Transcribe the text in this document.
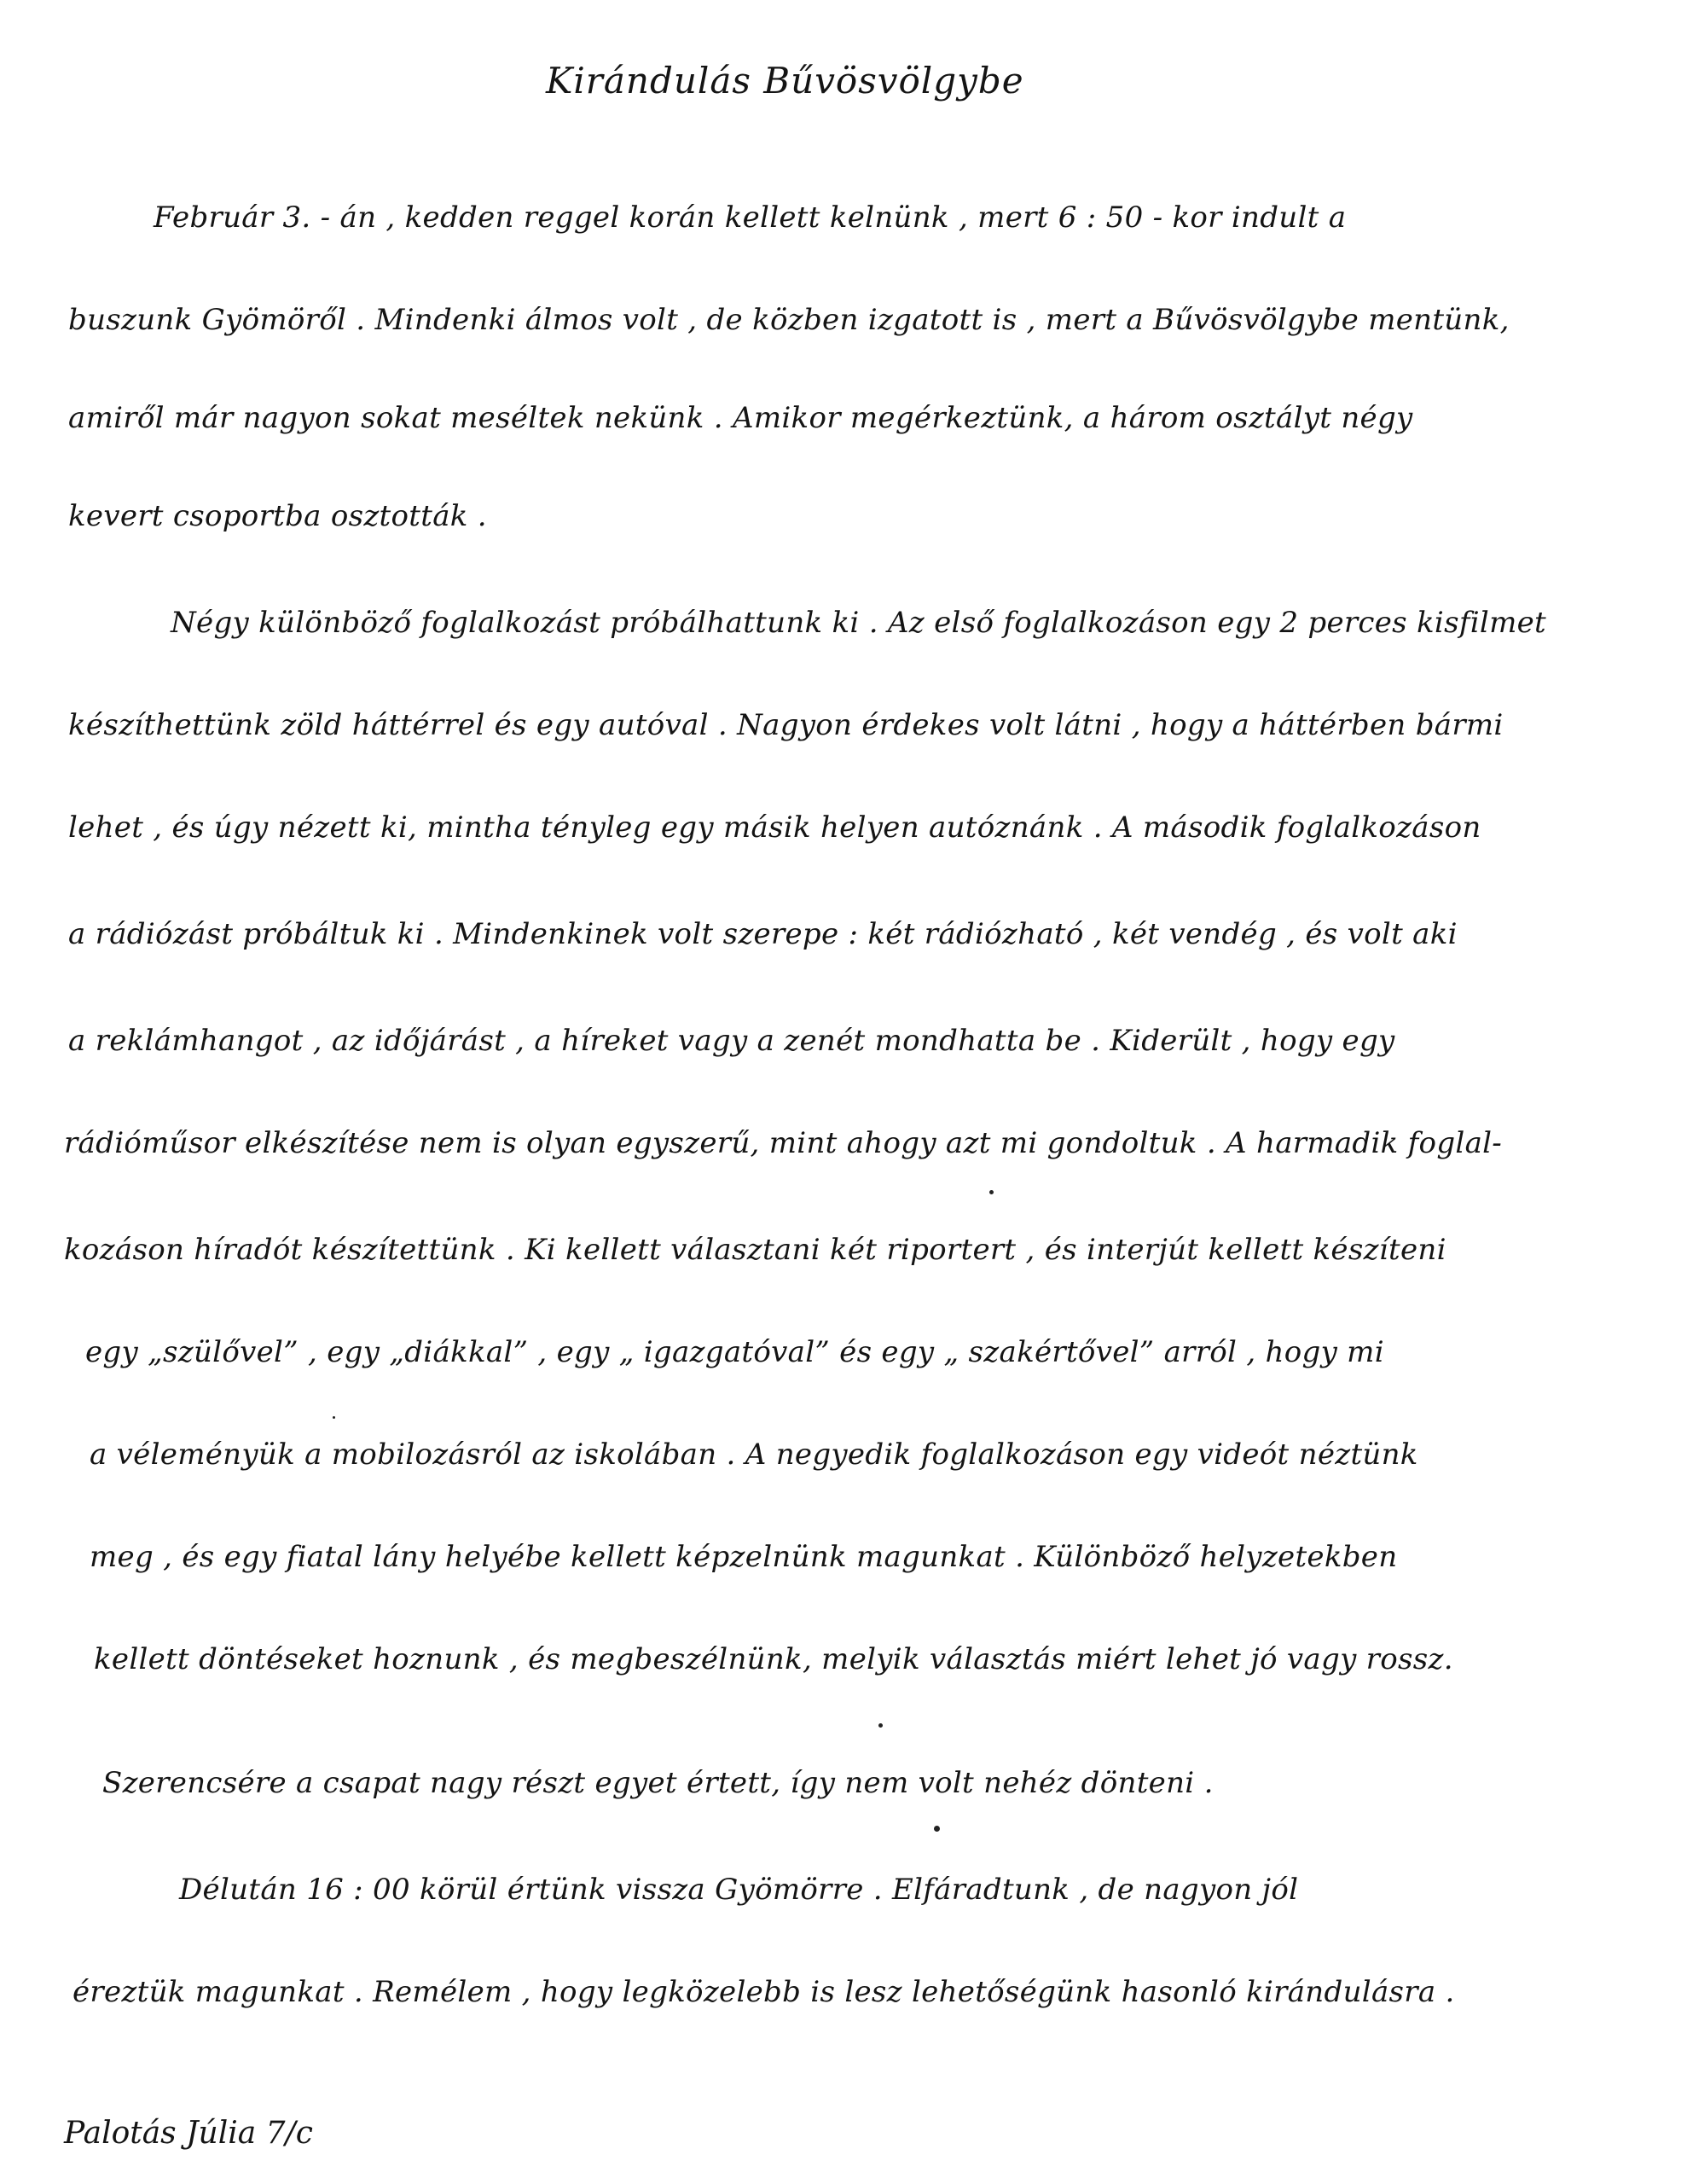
Kirándulás Bűvösvölgybe
Február 3. - án , kedden reggel korán kellett kelnünk , mert 6 : 50 - kor indult a
buszunk Gyömöről . Mindenki álmos volt , de közben izgatott is , mert a Bűvösvölgybe mentünk,
amiről már nagyon sokat meséltek nekünk . Amikor megérkeztünk, a három osztályt négy
kevert csoportba osztották .
Négy különböző foglalkozást próbálhattunk ki . Az első foglalkozáson egy 2 perces kisfilmet
készíthettünk zöld háttérrel és egy autóval . Nagyon érdekes volt látni , hogy a háttérben bármi
lehet , és úgy nézett ki, mintha tényleg egy másik helyen autóznánk . A második foglalkozáson
a rádiózást próbáltuk ki . Mindenkinek volt szerepe : két rádiózható , két vendég , és volt aki
a reklámhangot , az időjárást , a híreket vagy a zenét mondhatta be . Kiderült , hogy egy
rádióműsor elkészítése nem is olyan egyszerű, mint ahogy azt mi gondoltuk . A harmadik foglal-
kozáson híradót készítettünk . Ki kellett választani két riportert , és interjút kellett készíteni
egy „szülővel” , egy „diákkal” , egy „ igazgatóval” és egy „ szakértővel” arról , hogy mi
a véleményük a mobilozásról az iskolában . A negyedik foglalkozáson egy videót néztünk
meg , és egy fiatal lány helyébe kellett képzelnünk magunkat . Különböző helyzetekben
kellett döntéseket hoznunk , és megbeszélnünk, melyik választás miért lehet jó vagy rossz.
Szerencsére a csapat nagy részt egyet értett, így nem volt nehéz dönteni .
Délután 16 : 00 körül értünk vissza Gyömörre . Elfáradtunk , de nagyon jól
éreztük magunkat . Remélem , hogy legközelebb is lesz lehetőségünk hasonló kirándulásra .
Palotás Júlia 7/c
